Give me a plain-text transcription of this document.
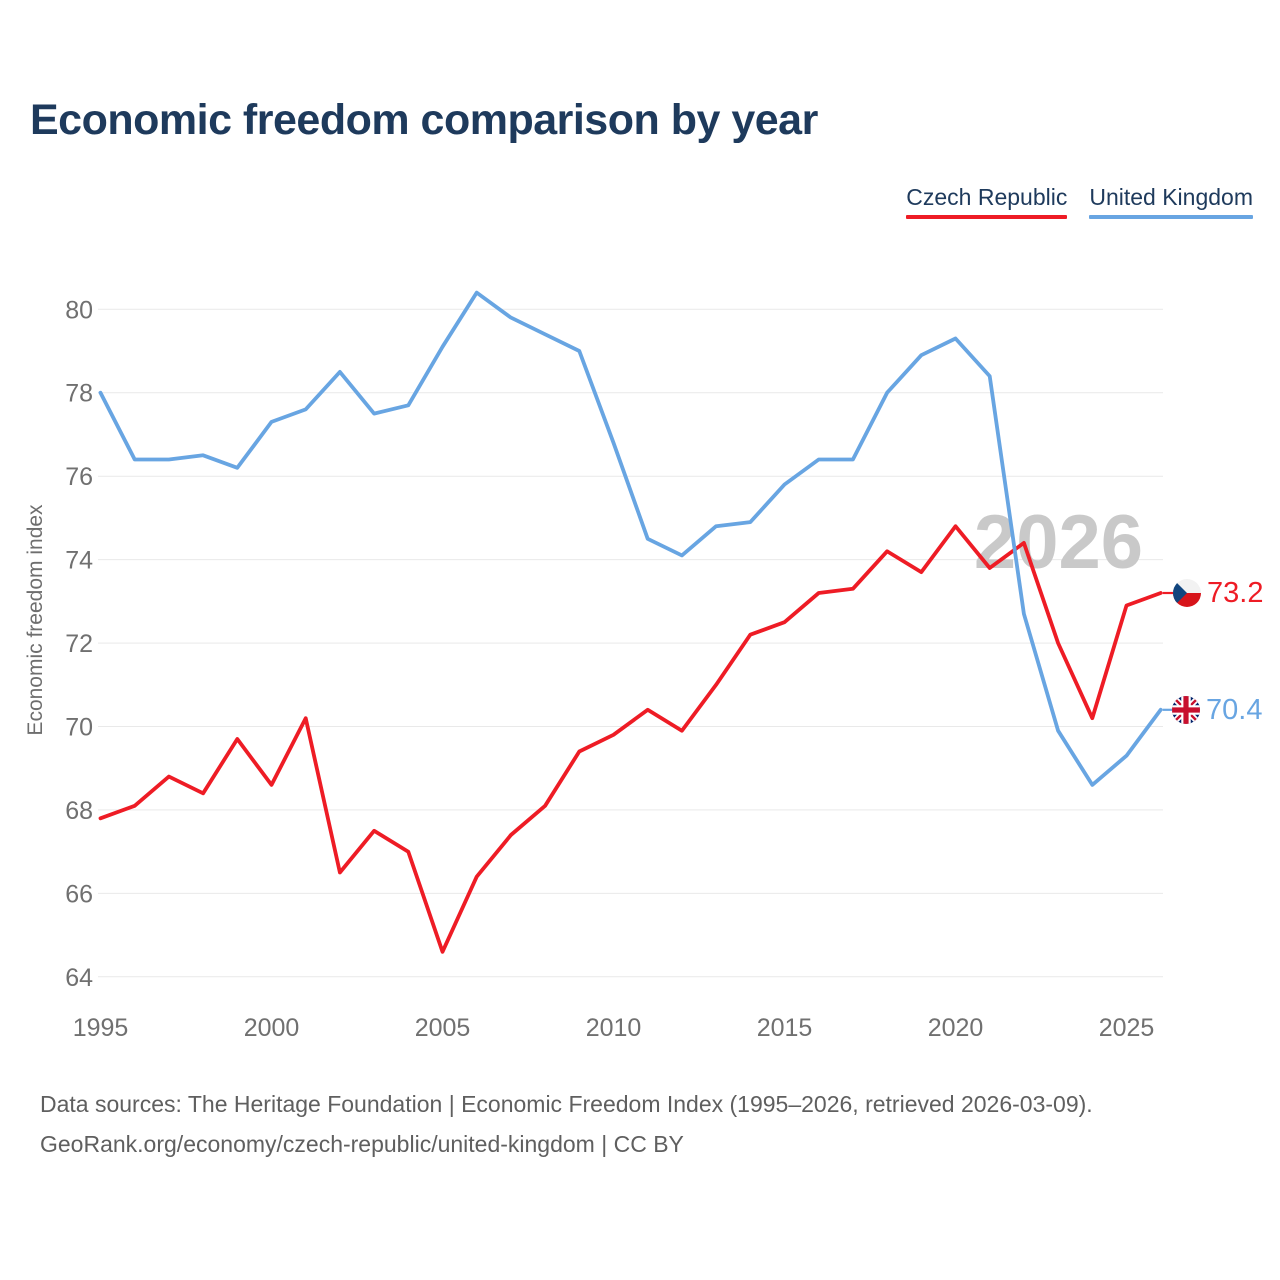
Economic freedom comparison by year
Czech Republic United Kingdom
Economic freedom index
64
66
68
70
72
74
76
78
80
1995	2000	2005	2010	2015	2020	2025
2026
73.2
70.4
Data sources: The Heritage Foundation | Economic Freedom Index (1995–2026, retrieved 2026-03-09).
GeoRank.org/economy/czech-republic/united-kingdom | CC BY
